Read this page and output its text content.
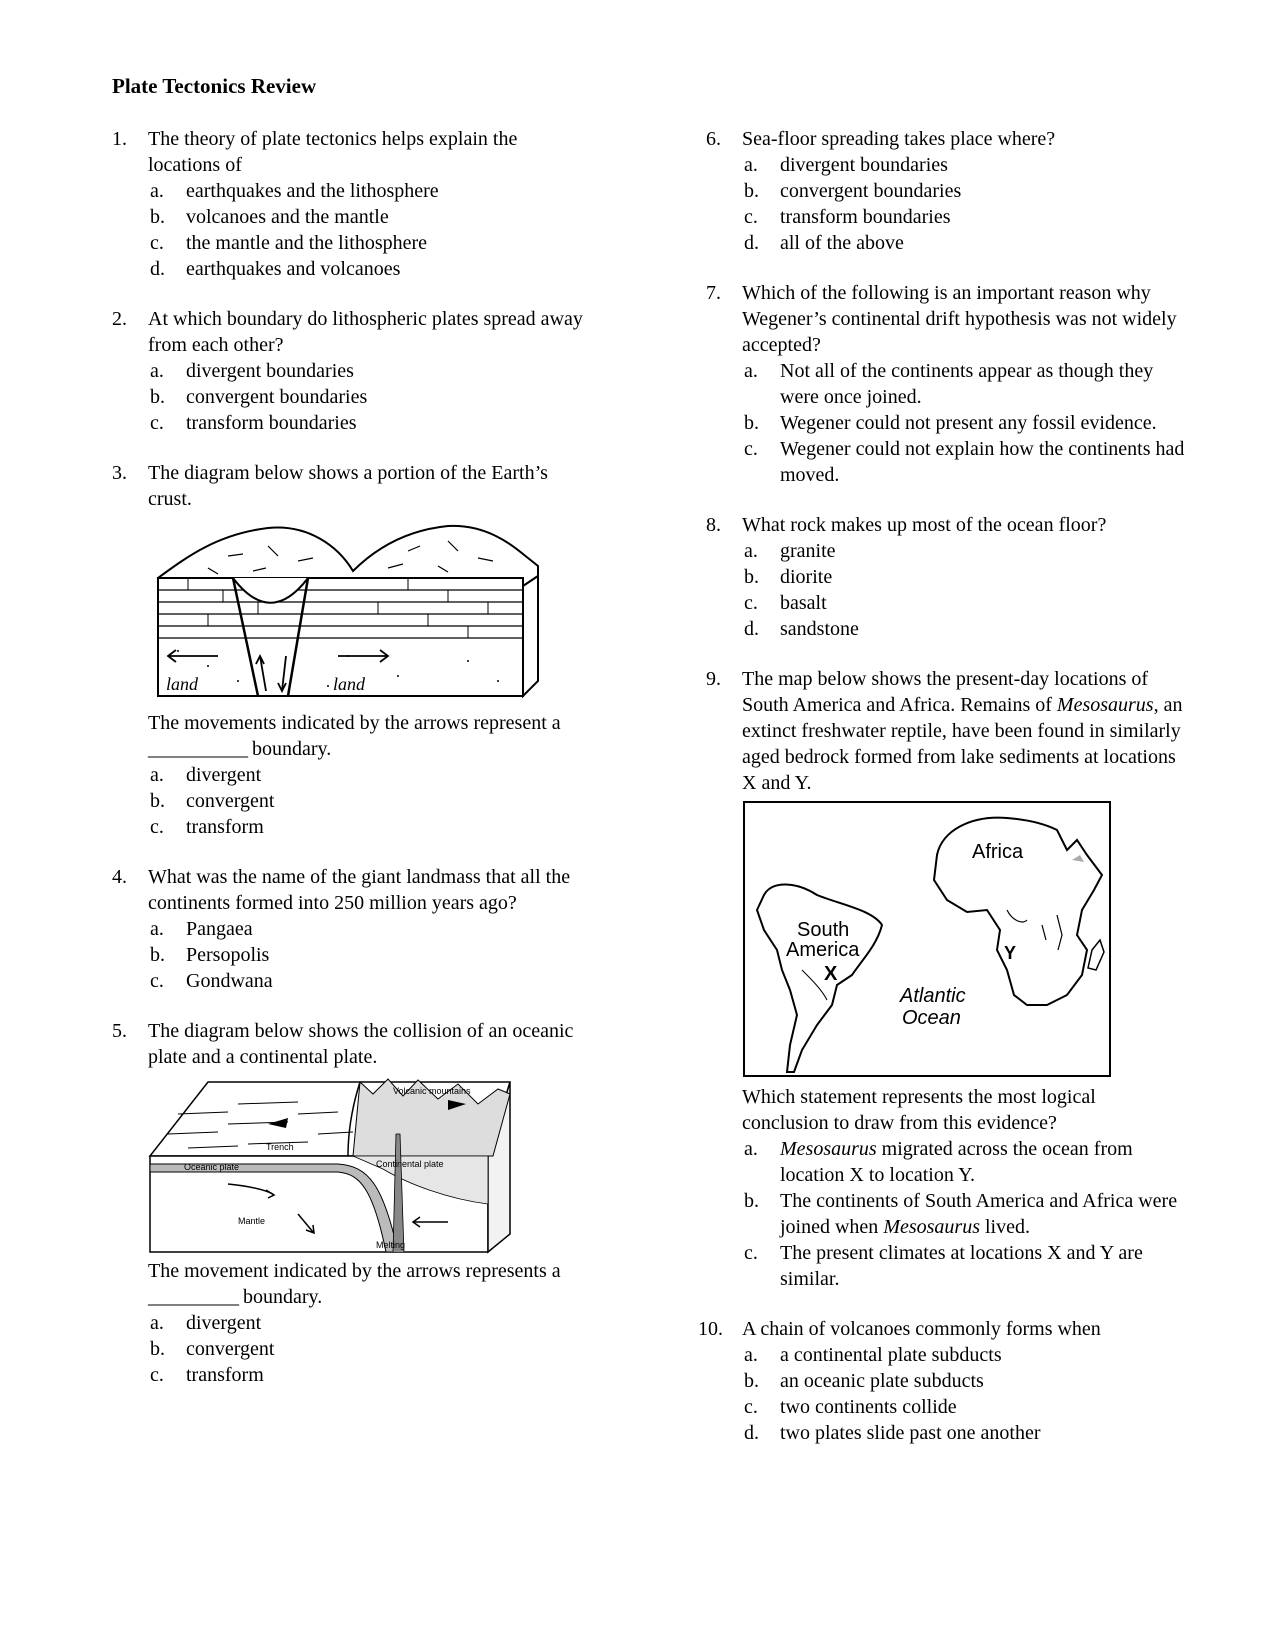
Plate Tectonics Review
1. The theory of plate tectonics helps explain the locations of
a. earthquakes and the lithosphere
b. volcanoes and the mantle
c. the mantle and the lithosphere
d. earthquakes and volcanoes
2. At which boundary do lithospheric plates spread away from each other?
a. divergent boundaries
b. convergent boundaries
c. transform boundaries
3. The diagram below shows a portion of the Earth’s crust.
land	land
The movements indicated by the arrows represent a ___________ boundary.
a. divergent
b. convergent
c. transform
4. What was the name of the giant landmass that all the continents formed into 250 million years ago?
a. Pangaea
b. Persopolis
c. Gondwana
5. The diagram below shows the collision of an oceanic plate and a continental plate.
Volcanic mountains
Trench
Oceanic plate	Continental plate
Mantle
Melting
The movement indicated by the arrows represents a __________ boundary.
a. divergent
b. convergent
c. transform
6. Sea-floor spreading takes place where?
a. divergent boundaries
b. convergent boundaries
c. transform boundaries
d. all of the above
7. Which of the following is an important reason why Wegener’s continental drift hypothesis was not widely accepted?
a. Not all of the continents appear as though they were once joined.
b. Wegener could not present any fossil evidence.
c. Wegener could not explain how the continents had moved.
8. What rock makes up most of the ocean floor?
a. granite
b. diorite
c. basalt
d. sandstone
9. The map below shows the present-day locations of South America and Africa. Remains of Mesosaurus, an extinct freshwater reptile, have been found in similarly aged bedrock formed from lake sediments at locations X and Y.
Africa
South
America
X
Y
Atlantic
Ocean
Which statement represents the most logical conclusion to draw from this evidence?
a. Mesosaurus migrated across the ocean from location X to location Y.
b. The continents of South America and Africa were joined when Mesosaurus lived.
c. The present climates at locations X and Y are similar.
10. A chain of volcanoes commonly forms when
a. a continental plate subducts
b. an oceanic plate subducts
c. two continents collide
d. two plates slide past one another
